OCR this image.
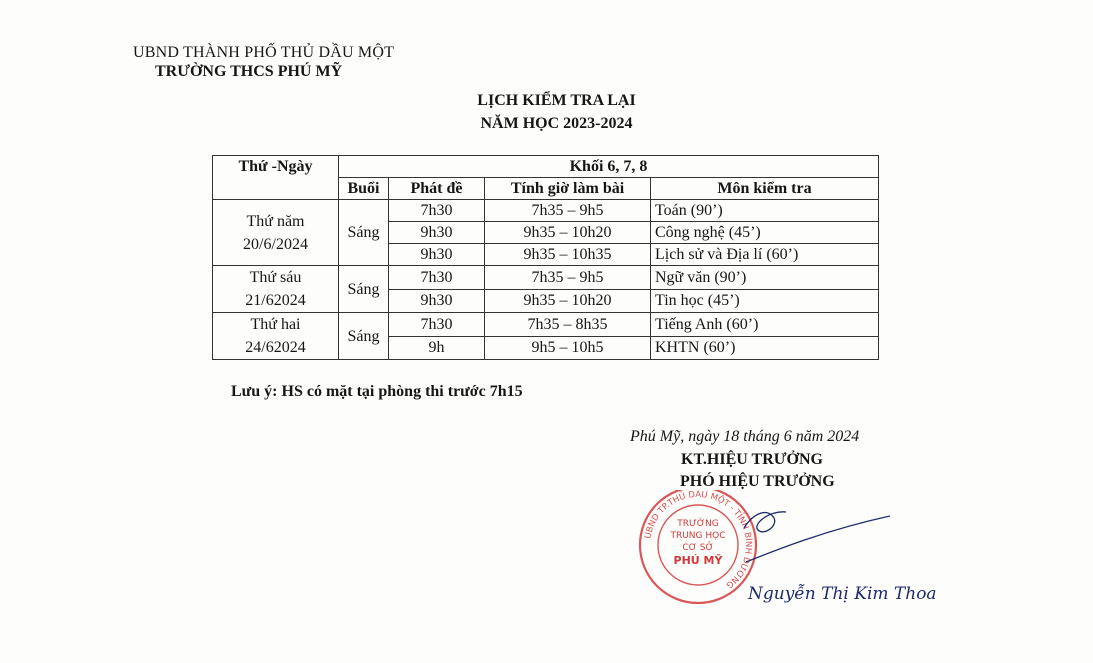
UBND THÀNH PHỐ THỦ DẦU MỘT
TRƯỜNG THCS PHÚ MỸ
LỊCH KIỂM TRA LẠI
NĂM HỌC 2023-2024
Thứ -Ngày	Khối 6, 7, 8			
	Buổi	Phát đề	Tính giờ làm bài	Môn kiểm tra

Thứ năm
20/6/2024	Sáng	7h30	7h35 – 9h5	Toán (90’)
		9h30	9h35 – 10h20	Công nghệ (45’)
		9h30	9h35 – 10h35	Lịch sử và Địa lí (60’)

Thứ sáu
21/62024	Sáng	7h30	7h35 – 9h5	Ngữ văn (90’)
		9h30	9h35 – 10h20	Tin học (45’)

Thứ hai
24/62024	Sáng	7h30	7h35 – 8h35	Tiếng Anh (60’)
		9h	9h5 – 10h5	KHTN (60’)
Lưu ý: HS có mặt tại phòng thi trước 7h15
Phú Mỹ, ngày 18 tháng 6 năm 2024
KT.HIỆU TRƯỞNG
PHÓ HIỆU TRƯỞNG
UBND TP.THỦ DẦU MỘT - TỈNH BÌNH DƯƠNG
TRƯỜNG
TRUNG HỌC
CƠ SỞ
PHÚ MỸ
Nguyễn Thị Kim Thoa
